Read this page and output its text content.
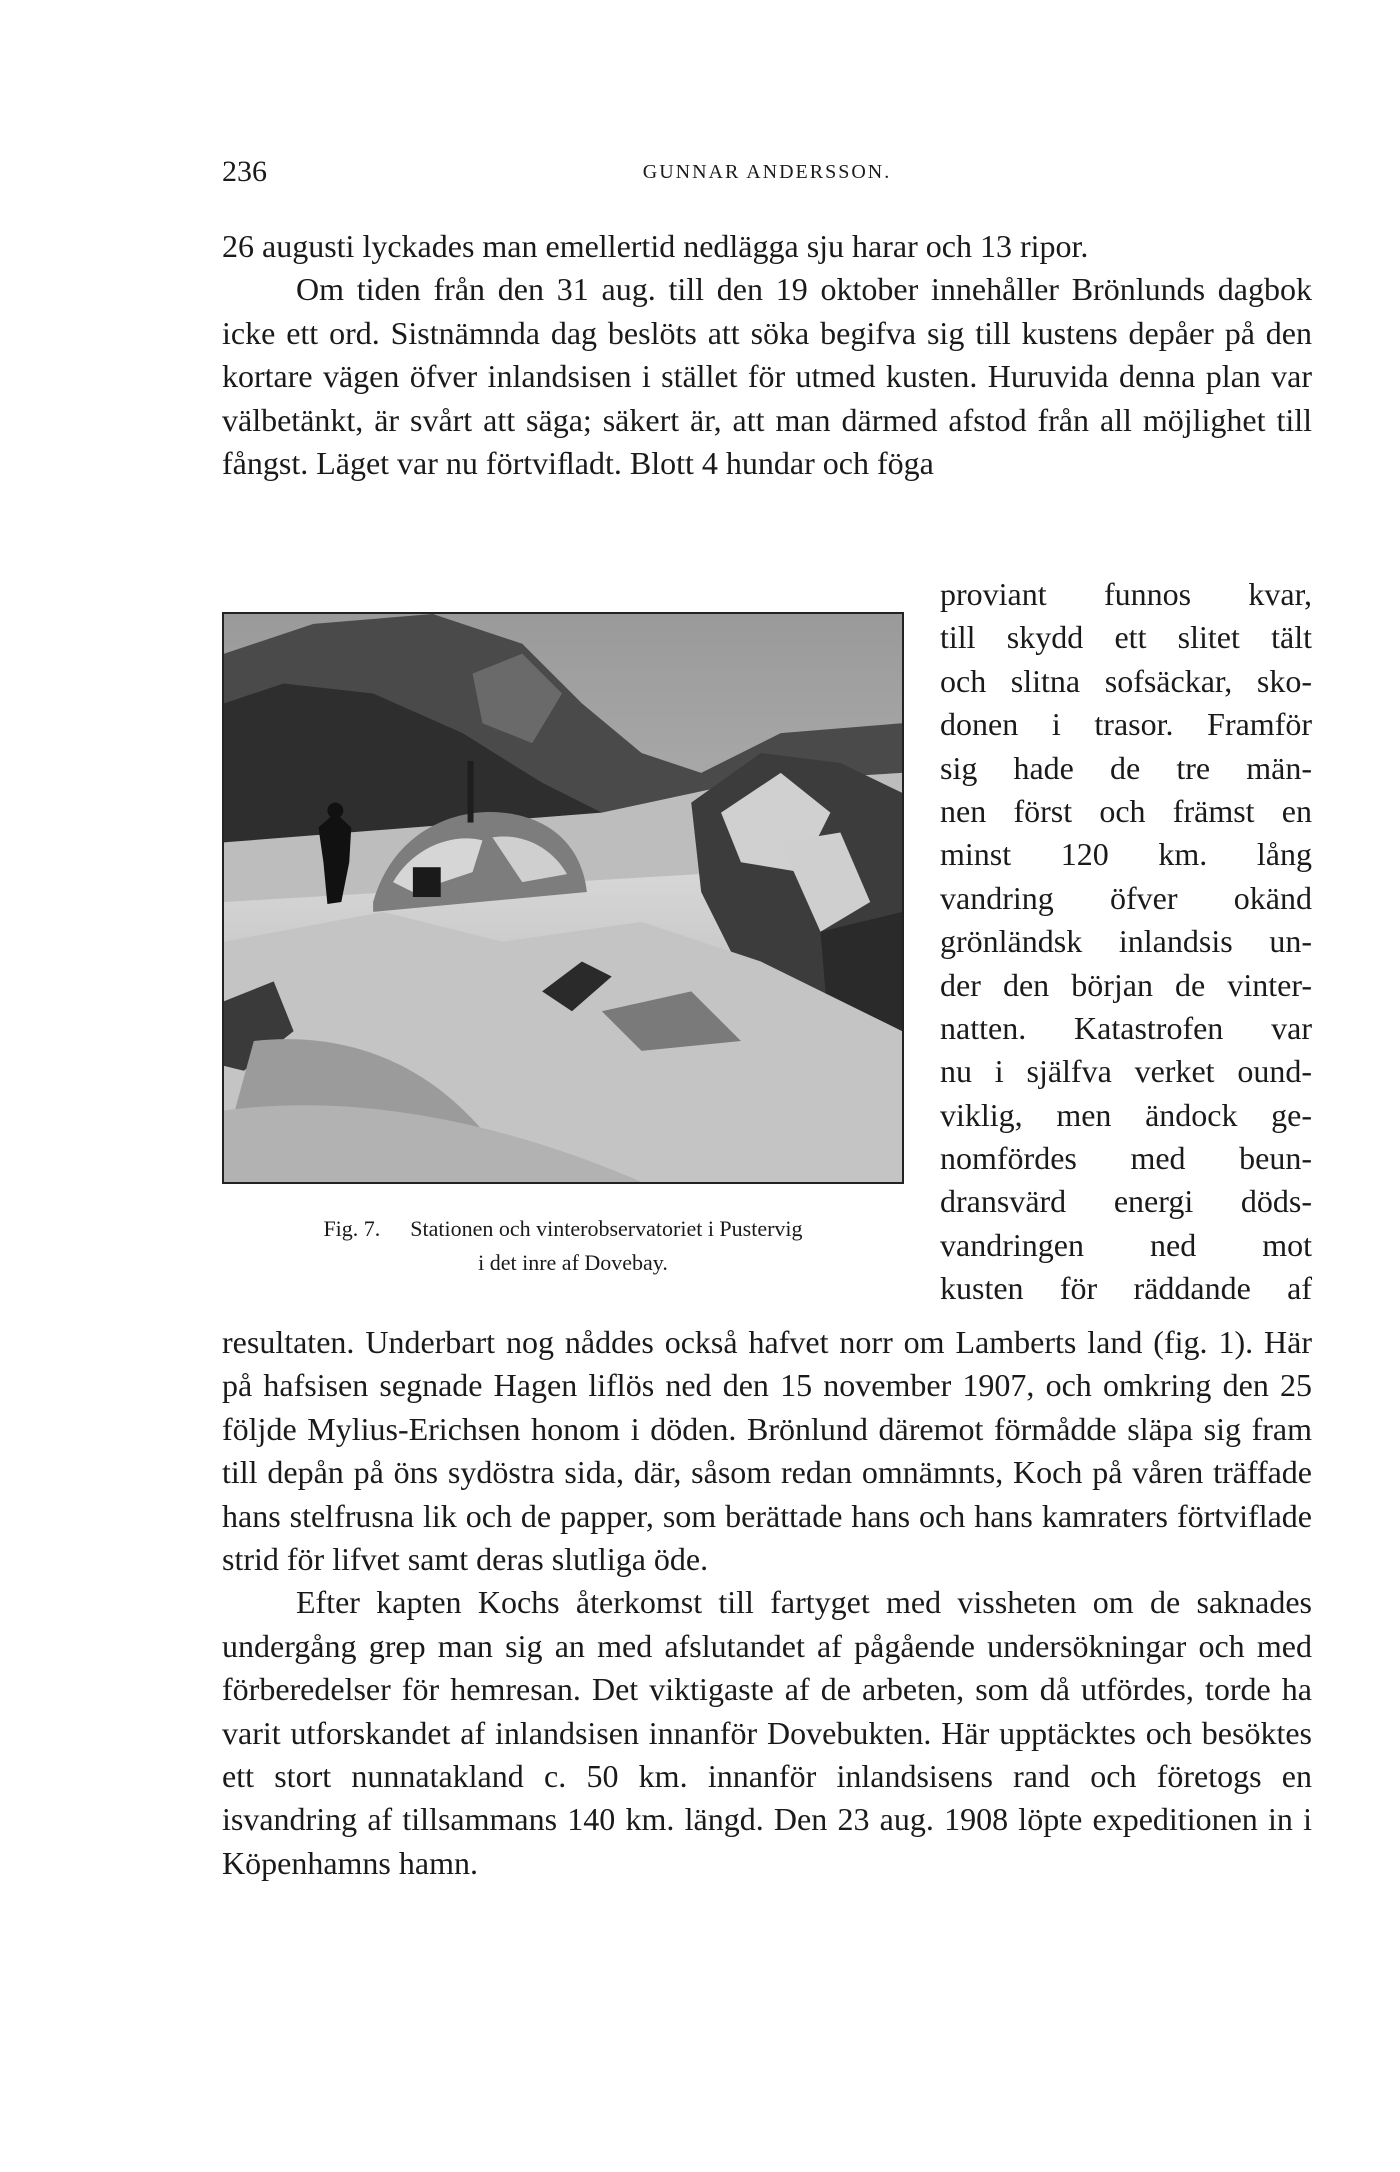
236	GUNNAR ANDERSSON.

26 augusti lyckades man emellertid nedlägga sju harar och 13 ripor.

Om tiden från den 31 aug. till den 19 oktober innehåller Brönlunds dagbok icke ett ord. Sistnämnda dag beslöts att söka begifva sig till kustens depåer på den kortare vägen öfver inlandsisen i stället för utmed kusten. Huruvida denna plan var välbetänkt, är svårt att säga; säkert är, att man därmed afstod från all möjlighet till fångst. Läget var nu förtviﬂadt. Blott 4 hundar och föga

Fig. 7. Stationen och vinterobservatoriet i Pustervig
i det inre af Dovebay.
proviant funnos kvar,
till skydd ett slitet tält
och slitna sofsäckar, sko-
donen i trasor. Framför
sig hade de tre män-
nen först och främst en
minst 120 km. lång
vandring öfver okänd
grönländsk inlandsis un-
der den början de vinter-
natten. Katastrofen var
nu i själfva verket ound-
viklig, men ändock ge-
nomfördes med beun-
dransvärd energi döds-
vandringen ned mot
kusten för räddande af

resultaten. Underbart nog nåddes också hafvet norr om Lamberts land (fig. 1). Här på hafsisen segnade Hagen liflös ned den 15 november 1907, och omkring den 25 följde Mylius-Erichsen honom i döden. Brönlund däremot förmådde släpa sig fram till depån på öns sydöstra sida, där, såsom redan omnämnts, Koch på våren träffade hans stelfrusna lik och de papper, som berättade hans och hans kamraters förtviflade strid för lifvet samt deras slutliga öde.

Efter kapten Kochs återkomst till fartyget med vissheten om de saknades undergång grep man sig an med afslutandet af pågående undersökningar och med förberedelser för hemresan. Det viktigaste af de arbeten, som då utfördes, torde ha varit utforskandet af inlandsisen innanför Dovebukten. Här upptäcktes och besöktes ett stort nunnatakland c. 50 km. innanför inlandsisens rand och företogs en isvandring af tillsammans 140 km. längd. Den 23 aug. 1908 löpte expeditionen in i Köpenhamns hamn.
